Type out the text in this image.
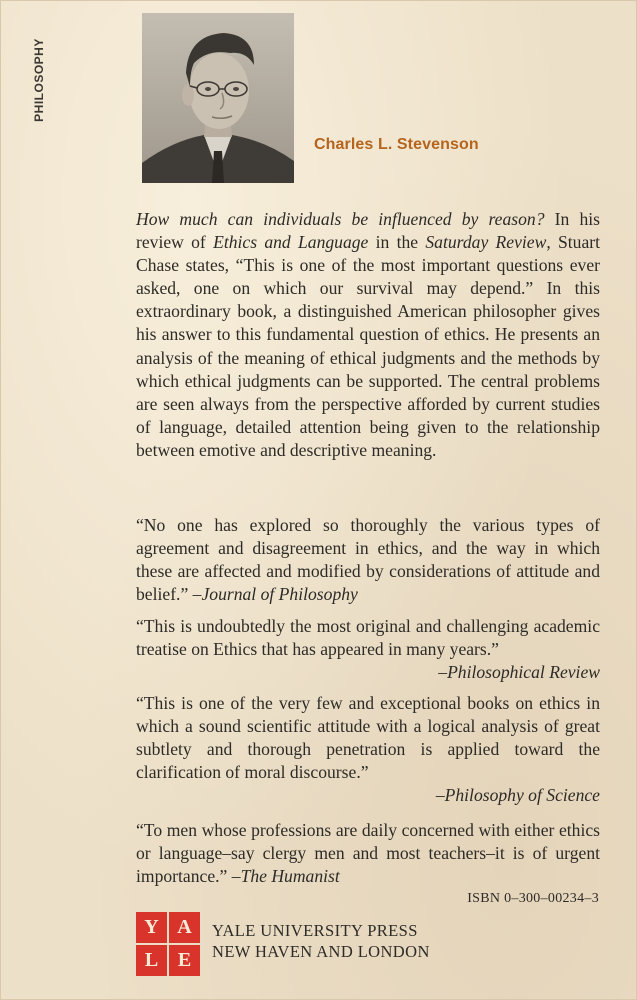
PHILOSOPHY
Charles L. Stevenson

How much can individuals be influenced by reason? In his review of Ethics and Language in the Saturday Review, Stuart Chase states, “This is one of the most important questions ever asked, one on which our survival may depend.” In this extraordinary book, a distinguished American philosopher gives his answer to this fundamental question of ethics. He presents an analysis of the meaning of ethical judgments and the methods by which ethical judgments can be supported. The central problems are seen always from the perspective afforded by current studies of language, detailed attention being given to the relationship between emotive and descriptive meaning.

“No one has explored so thoroughly the various types of agreement and disagreement in ethics, and the way in which these are affected and modified by considerations of attitude and belief.” –Journal of Philosophy

“This is undoubtedly the most original and challenging academic treatise on Ethics that has appeared in many years.”
–Philosophical Review

“This is one of the very few and exceptional books on ethics in which a sound scientific attitude with a logical analysis of great subtlety and thorough penetration is applied toward the clarification of moral discourse.”
–Philosophy of Science

“To men whose professions are daily concerned with either ethics or language–say clergy men and most teachers–it is of urgent importance.” –The Humanist

ISBN 0–300–00234–3
Y A
L E
YALE UNIVERSITY PRESS
NEW HAVEN AND LONDON
